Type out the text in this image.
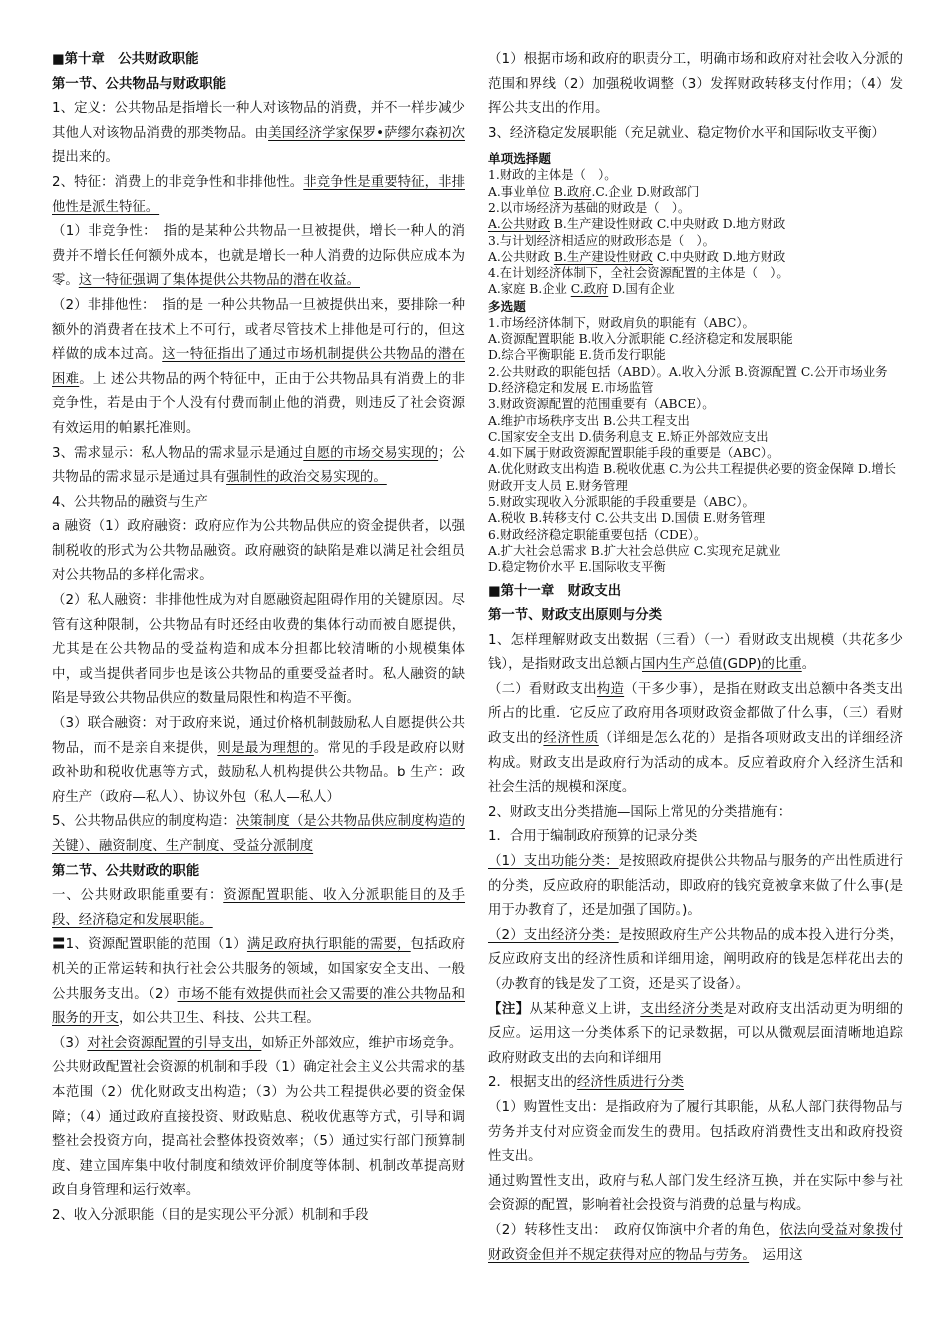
■第十章　公共财政职能

第一节、公共物品与财政职能

1、定义：公共物品是指增长一种人对该物品的消费，并不一样步减少其他人对该物品消费的那类物品。由美国经济学家保罗•萨缪尔森初次提出来的。

2、特征：消费上的非竞争性和非排他性。非竞争性是重要特征，非排他性是派生特征。

（1）非竞争性：　指的是某种公共物品一旦被提供，增长一种人的消费并不增长任何额外成本，也就是增长一种人消费的边际供应成本为零。这一特征强调了集体提供公共物品的潜在收益。

（2）非排他性：　指的是 一种公共物品一旦被提供出来，要排除一种额外的消费者在技术上不可行，或者尽管技术上排他是可行的，但这样做的成本过高。这一特征指出了通过市场机制提供公共物品的潜在困难。上 述公共物品的两个特征中，正由于公共物品具有消费上的非竞争性，若是由于个人没有付费而制止他的消费，则违反了社会资源有效运用的帕累托准则。

3、需求显示：私人物品的需求显示是通过自愿的市场交易实现的；公共物品的需求显示是通过具有强制性的政治交易实现的。

4、公共物品的融资与生产

a 融资（1）政府融资：政府应作为公共物品供应的资金提供者，以强制税收的形式为公共物品融资。政府融资的缺陷是难以满足社会组员对公共物品的多样化需求。

（2）私人融资：非排他性成为对自愿融资起阻碍作用的关键原因。尽管有这种限制，公共物品有时还经由收费的集体行动而被自愿提供，尤其是在公共物品的受益构造和成本分担都比较清晰的小规模集体中，或当提供者同步也是该公共物品的重要受益者时。私人融资的缺陷是导致公共物品供应的数量局限性和构造不平衡。

（3）联合融资：对于政府来说，通过价格机制鼓励私人自愿提供公共物品，而不是亲自来提供，则是最为理想的。常见的手段是政府以财政补助和税收优惠等方式，鼓励私人机构提供公共物品。b 生产：政府生产（政府—私人）、协议外包（私人—私人）

5、公共物品供应的制度构造：决策制度（是公共物品供应制度构造的关键）、融资制度、生产制度、受益分派制度

第二节、公共财政的职能

一、公共财政职能重要有：资源配置职能、收入分派职能目的及手段、经济稳定和发展职能。

〓1、资源配置职能的范围（1）满足政府执行职能的需要，包括政府机关的正常运转和执行社会公共服务的领域，如国家安全支出、一般公共服务支出。（2）市场不能有效提供而社会又需要的准公共物品和服务的开支，如公共卫生、科技、公共工程。

（3）对社会资源配置的引导支出，如矫正外部效应，维护市场竞争。

公共财政配置社会资源的机制和手段（1）确定社会主义公共需求的基本范围（2）优化财政支出构造；（3）为公共工程提供必要的资金保障；（4）通过政府直接投资、财政贴息、税收优惠等方式，引导和调整社会投资方向，提高社会整体投资效率；（5）通过实行部门预算制度、建立国库集中收付制度和绩效评价制度等体制、机制改革提高财政自身管理和运行效率。

2、收入分派职能（目的是实现公平分派）机制和手段

（1）根据市场和政府的职责分工，明确市场和政府对社会收入分派的范围和界线（2）加强税收调整（3）发挥财政转移支付作用；（4）发挥公共支出的作用。

3、经济稳定发展职能（充足就业、稳定物价水平和国际收支平衡）

单项选择题

1.财政的主体是（　）。

A.事业单位 B.政府.C.企业 D.财政部门

2.以市场经济为基础的财政是（　）。

A.公共财政 B.生产建设性财政 C.中央财政 D.地方财政

3.与计划经济相适应的财政形态是（　）。

A.公共财政 B.生产建设性财政 C.中央财政 D.地方财政

4.在计划经济体制下，全社会资源配置的主体是（　）。

A.家庭 B.企业 C.政府 D.国有企业

多选题

1.市场经济体制下，财政肩负的职能有（ABC）。

A.资源配置职能 B.收入分派职能 C.经济稳定和发展职能

D.综合平衡职能 E.货币发行职能

2.公共财政的职能包括（ABD）。A.收入分派 B.资源配置 C.公开市场业务 D.经济稳定和发展 E.市场监管

3.财政资源配置的范围重要有（ABCE）。

A.维护市场秩序支出 B.公共工程支出

C.国家安全支出 D.债务利息支 E.矫正外部效应支出

4.如下属于财政资源配置职能手段的重要是（ABC）。

A.优化财政支出构造 B.税收优惠 C.为公共工程提供必要的资金保障 D.增长财政开支人员 E.财务管理

5.财政实现收入分派职能的手段重要是（ABC）。

A.税收 B.转移支付 C.公共支出 D.国债 E.财务管理

6.财政经济稳定职能重要包括（CDE）。

A.扩大社会总需求 B.扩大社会总供应 C.实现充足就业

D.稳定物价水平 E.国际收支平衡

■第十一章　财政支出

第一节、财政支出原则与分类

1、怎样理解财政支出数据（三看）（一）看财政支出规模（共花多少钱），是指财政支出总额占国内生产总值(GDP)的比重。

（二）看财政支出构造（干多少事），是指在财政支出总额中各类支出所占的比重．它反应了政府用各项财政资金都做了什么事，（三）看财政支出的经济性质（详细是怎么花的）是指各项财政支出的详细经济构成。财政支出是政府行为活动的成本。反应着政府介入经济生活和社会生活的规模和深度。

2、财政支出分类措施—国际上常见的分类措施有：

1．合用于编制政府预算的记录分类

（1）支出功能分类：是按照政府提供公共物品与服务的产出性质进行的分类，反应政府的职能活动，即政府的钱究竟被拿来做了什么事(是用于办教育了，还是加强了国防。)。

（2）支出经济分类：是按照政府生产公共物品的成本投入进行分类，反应政府支出的经济性质和详细用途，阐明政府的钱是怎样花出去的（办教育的钱是发了工资，还是买了设备）。

【注】从某种意义上讲，支出经济分类是对政府支出活动更为明细的反应。运用这一分类体系下的记录数据，可以从微观层面清晰地追踪政府财政支出的去向和详细用

2．根据支出的经济性质进行分类

（1）购置性支出：是指政府为了履行其职能，从私人部门获得物品与劳务并支付对应资金而发生的费用。包括政府消费性支出和政府投资性支出。

通过购置性支出，政府与私人部门发生经济互换，并在实际中参与社会资源的配置，影响着社会投资与消费的总量与构成。

（2）转移性支出：　政府仅饰演中介者的角色，依法向受益对象拨付财政资金但并不规定获得对应的物品与劳务。　运用这
